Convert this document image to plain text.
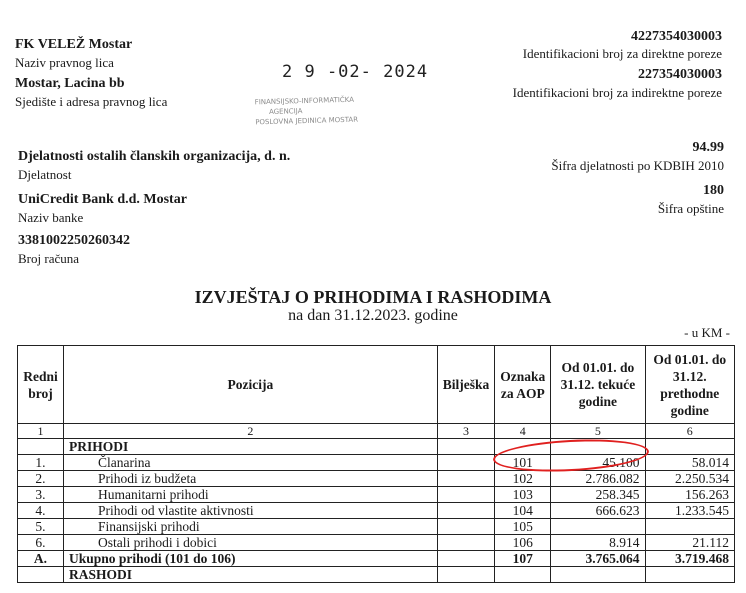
FK VELEŽ Mostar
Naziv pravnog lica
Mostar, Lacina bb
Sjedište i adresa pravnog lica
2 9 -02- 2024
FINANSIJSKO-INFORMATIČKA
AGENCIJA
POSLOVNA JEDINICA MOSTAR
4227354030003
Identifikacioni broj za direktne poreze
227354030003
Identifikacioni broj za indirektne poreze
Djelatnosti ostalih članskih organizacija, d. n.
Djelatnost
94.99
Šifra djelatnosti po KDBIH 2010
UniCredit Bank d.d. Mostar
Naziv banke
180
Šifra opštine
3381002250260342
Broj računa
IZVJEŠTAJ O PRIHODIMA I RASHODIMA
na dan 31.12.2023. godine
- u KM -
Redni broj	Pozicija	Bilješka	Oznaka za AOP	Od 01.01. do 31.12. tekuće godine	Od 01.01. do 31.12. prethodne godine
1	2	3	4	5	6
	PRIHODI				
1.	Članarina		101	45.100	58.014
2.	Prihodi iz budžeta		102	2.786.082	2.250.534
3.	Humanitarni prihodi		103	258.345	156.263
4.	Prihodi od vlastite aktivnosti		104	666.623	1.233.545
5.	Finansijski prihodi		105		
6.	Ostali prihodi i dobici		106	8.914	21.112
A.	Ukupno prihodi (101 do 106)		107	3.765.064	3.719.468
	RASHODI				
